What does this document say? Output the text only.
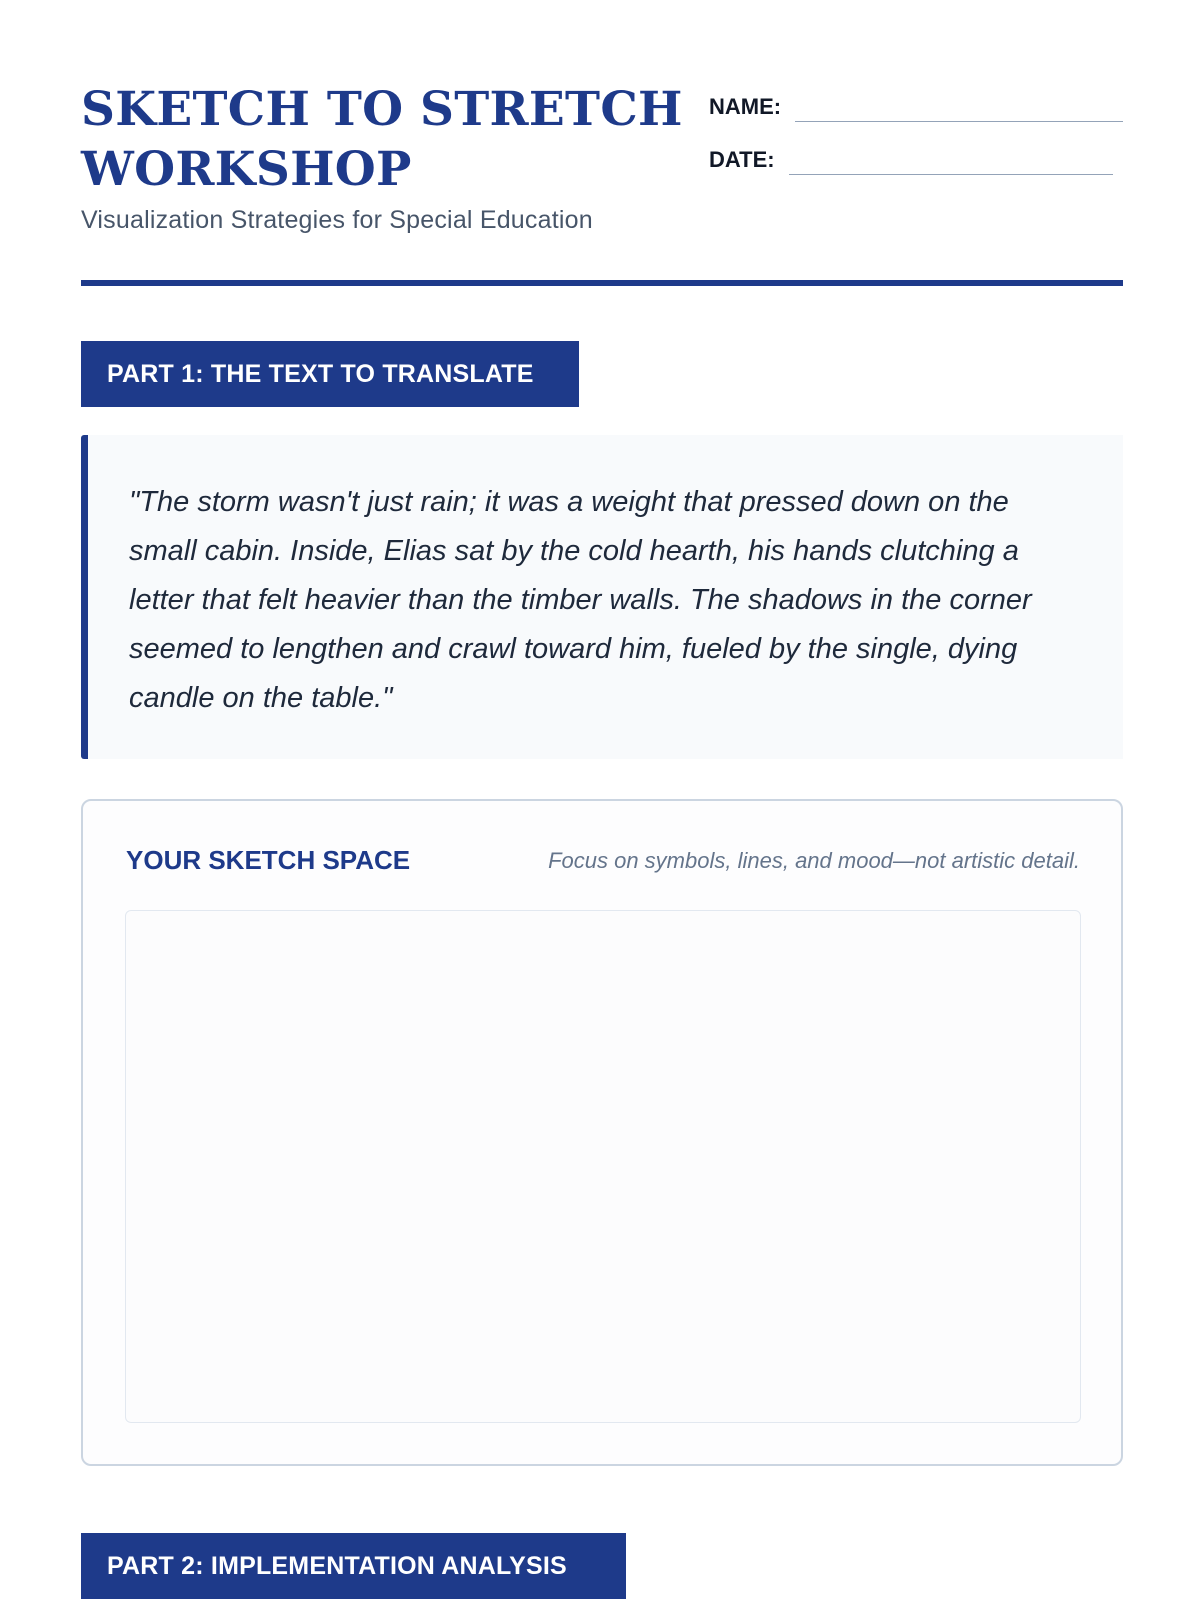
SKETCH TO STRETCH WORKSHOP
Visualization Strategies for Special Education
NAME:
DATE:
PART 1: THE TEXT TO TRANSLATE

"The storm wasn't just rain; it was a weight that pressed down on the small cabin. Inside, Elias sat by the cold hearth, his hands clutching a letter that felt heavier than the timber walls. The shadows in the corner seemed to lengthen and crawl toward him, fueled by the single, dying candle on the table."

YOUR SKETCH SPACE	Focus on symbols, lines, and mood—not artistic detail.
PART 2: IMPLEMENTATION ANALYSIS
